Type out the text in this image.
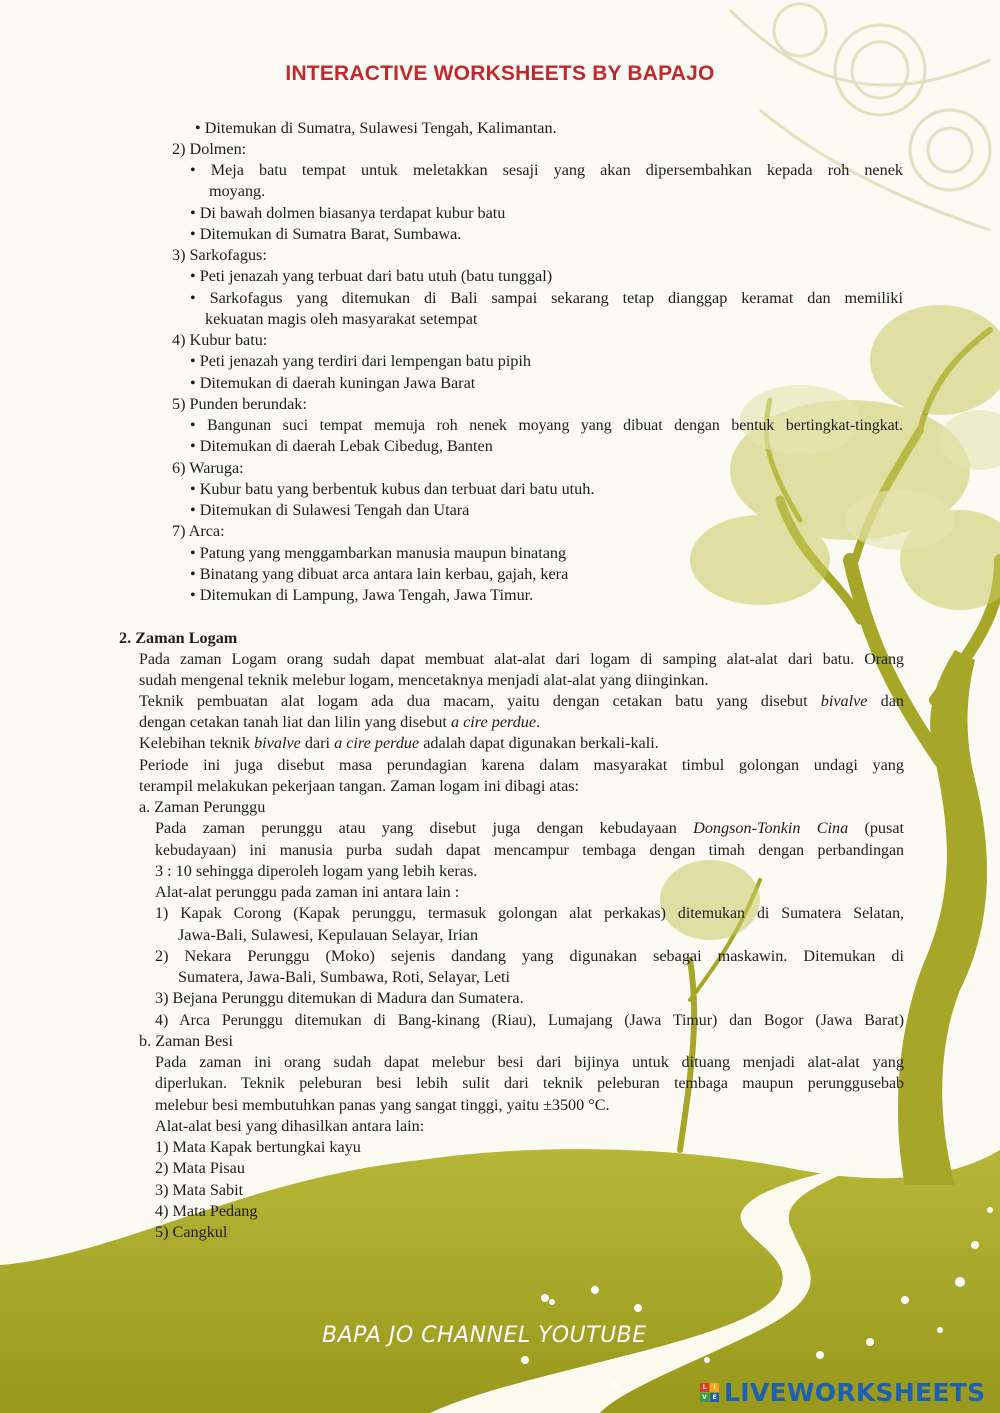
INTERACTIVE WORKSHEETS BY BAPAJO
• Ditemukan di Sumatra, Sulawesi Tengah, Kalimantan.
2) Dolmen:
• Meja batu tempat untuk meletakkan sesaji yang akan dipersembahkan kepada roh nenek
moyang.
• Di bawah dolmen biasanya terdapat kubur batu
• Ditemukan di Sumatra Barat, Sumbawa.
3) Sarkofagus:
• Peti jenazah yang terbuat dari batu utuh (batu tunggal)
• Sarkofagus yang ditemukan di Bali sampai sekarang tetap dianggap keramat dan memiliki
kekuatan magis oleh masyarakat setempat
4) Kubur batu:
• Peti jenazah yang terdiri dari lempengan batu pipih
• Ditemukan di daerah kuningan Jawa Barat
5) Punden berundak:
• Bangunan suci tempat memuja roh nenek moyang yang dibuat dengan bentuk bertingkat-tingkat.
• Ditemukan di daerah Lebak Cibedug, Banten
6) Waruga:
• Kubur batu yang berbentuk kubus dan terbuat dari batu utuh.
• Ditemukan di Sulawesi Tengah dan Utara
7) Arca:
• Patung yang menggambarkan manusia maupun binatang
• Binatang yang dibuat arca antara lain kerbau, gajah, kera
• Ditemukan di Lampung, Jawa Tengah, Jawa Timur.
2. Zaman Logam
Pada zaman Logam orang sudah dapat membuat alat-alat dari logam di samping alat-alat dari batu. Orang
sudah mengenal teknik melebur logam, mencetaknya menjadi alat-alat yang diinginkan.
Teknik pembuatan alat logam ada dua macam, yaitu dengan cetakan batu yang disebut bivalve dan
dengan cetakan tanah liat dan lilin yang disebut a cire perdue.
Kelebihan teknik bivalve dari a cire perdue adalah dapat digunakan berkali-kali.
Periode ini juga disebut masa perundagian karena dalam masyarakat timbul golongan undagi yang
terampil melakukan pekerjaan tangan. Zaman logam ini dibagi atas:
a. Zaman Perunggu
Pada zaman perunggu atau yang disebut juga dengan kebudayaan Dongson-Tonkin Cina (pusat
kebudayaan) ini manusia purba sudah dapat mencampur tembaga dengan timah dengan perbandingan
3 : 10 sehingga diperoleh logam yang lebih keras.
Alat-alat perunggu pada zaman ini antara lain :
1) Kapak Corong (Kapak perunggu, termasuk golongan alat perkakas) ditemukan di Sumatera Selatan,
Jawa-Bali, Sulawesi, Kepulauan Selayar, Irian
2) Nekara Perunggu (Moko) sejenis dandang yang digunakan sebagai maskawin. Ditemukan di
Sumatera, Jawa-Bali, Sumbawa, Roti, Selayar, Leti
3) Bejana Perunggu ditemukan di Madura dan Sumatera.
4) Arca Perunggu ditemukan di Bang-kinang (Riau), Lumajang (Jawa Timur) dan Bogor (Jawa Barat)
b. Zaman Besi
Pada zaman ini orang sudah dapat melebur besi dari bijinya untuk dituang menjadi alat-alat yang
diperlukan. Teknik peleburan besi lebih sulit dari teknik peleburan tembaga maupun perunggusebab
melebur besi membutuhkan panas yang sangat tinggi, yaitu ±3500 °C.
Alat-alat besi yang dihasilkan antara lain:
1) Mata Kapak bertungkai kayu
2) Mata Pisau
3) Mata Sabit
4) Mata Pedang
5) Cangkul
BAPA JO CHANNEL YOUTUBE
L	I
V E LIVEWORKSHEETS
